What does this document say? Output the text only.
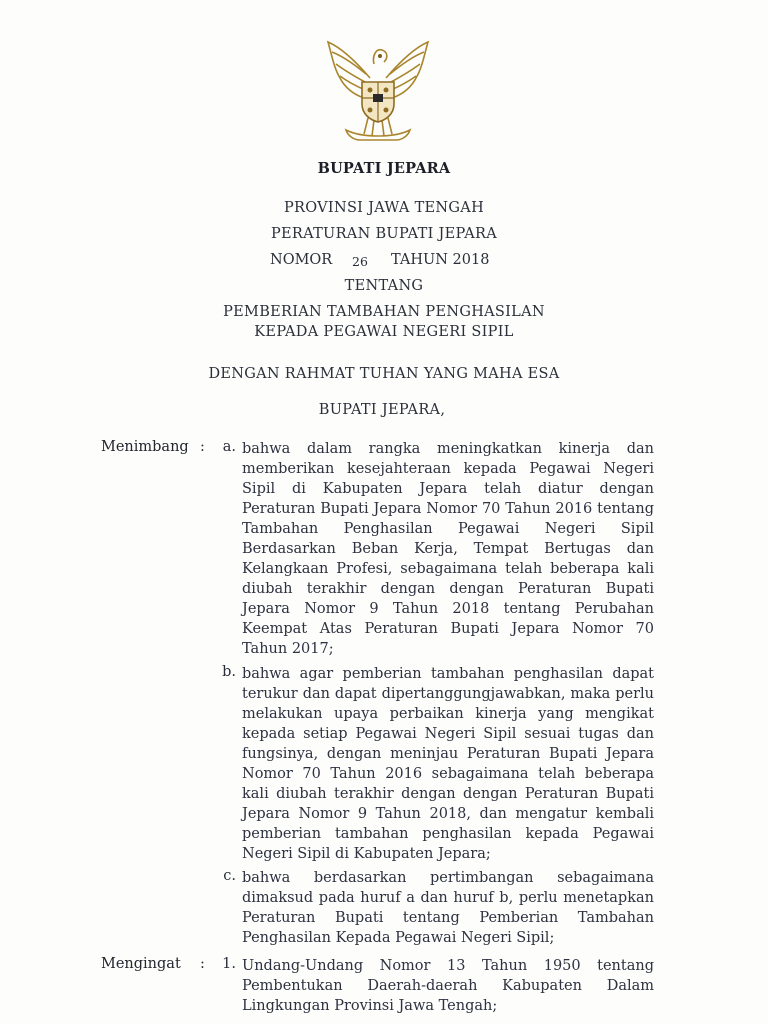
BUPATI JEPARA
PROVINSI JAWA TENGAH
PERATURAN BUPATI JEPARA
NOMOR 26 TAHUN 2018
TENTANG
PEMBERIAN TAMBAHAN PENGHASILAN
KEPADA PEGAWAI NEGERI SIPIL
DENGAN RAHMAT TUHAN YANG MAHA ESA
BUPATI JEPARA,
Menimbang :	a. bahwa dalam rangka meningkatkan kinerja dan memberikan kesejahteraan kepada Pegawai Negeri Sipil di Kabupaten Jepara telah diatur dengan Peraturan Bupati Jepara Nomor 70 Tahun 2016 tentang Tambahan Penghasilan Pegawai Negeri Sipil Berdasarkan Beban Kerja, Tempat Bertugas dan Kelangkaan Profesi, sebagaimana telah beberapa kali diubah terakhir dengan dengan Peraturan Bupati Jepara Nomor 9 Tahun 2018 tentang Perubahan Keempat Atas Peraturan Bupati Jepara Nomor 70 Tahun 2017;
b. bahwa agar pemberian tambahan penghasilan dapat terukur dan dapat dipertanggungjawabkan, maka perlu melakukan upaya perbaikan kinerja yang mengikat kepada setiap Pegawai Negeri Sipil sesuai tugas dan fungsinya, dengan meninjau Peraturan Bupati Jepara Nomor 70 Tahun 2016 sebagaimana telah beberapa kali diubah terakhir dengan dengan Peraturan Bupati Jepara Nomor 9 Tahun 2018, dan mengatur kembali pemberian tambahan penghasilan kepada Pegawai Negeri Sipil di Kabupaten Jepara;
c. bahwa berdasarkan pertimbangan sebagaimana dimaksud pada huruf a dan huruf b, perlu menetapkan Peraturan Bupati tentang Pemberian Tambahan Penghasilan Kepada Pegawai Negeri Sipil;
Mengingat :	1. Undang-Undang Nomor 13 Tahun 1950 tentang Pembentukan Daerah-daerah Kabupaten Dalam Lingkungan Provinsi Jawa Tengah;
